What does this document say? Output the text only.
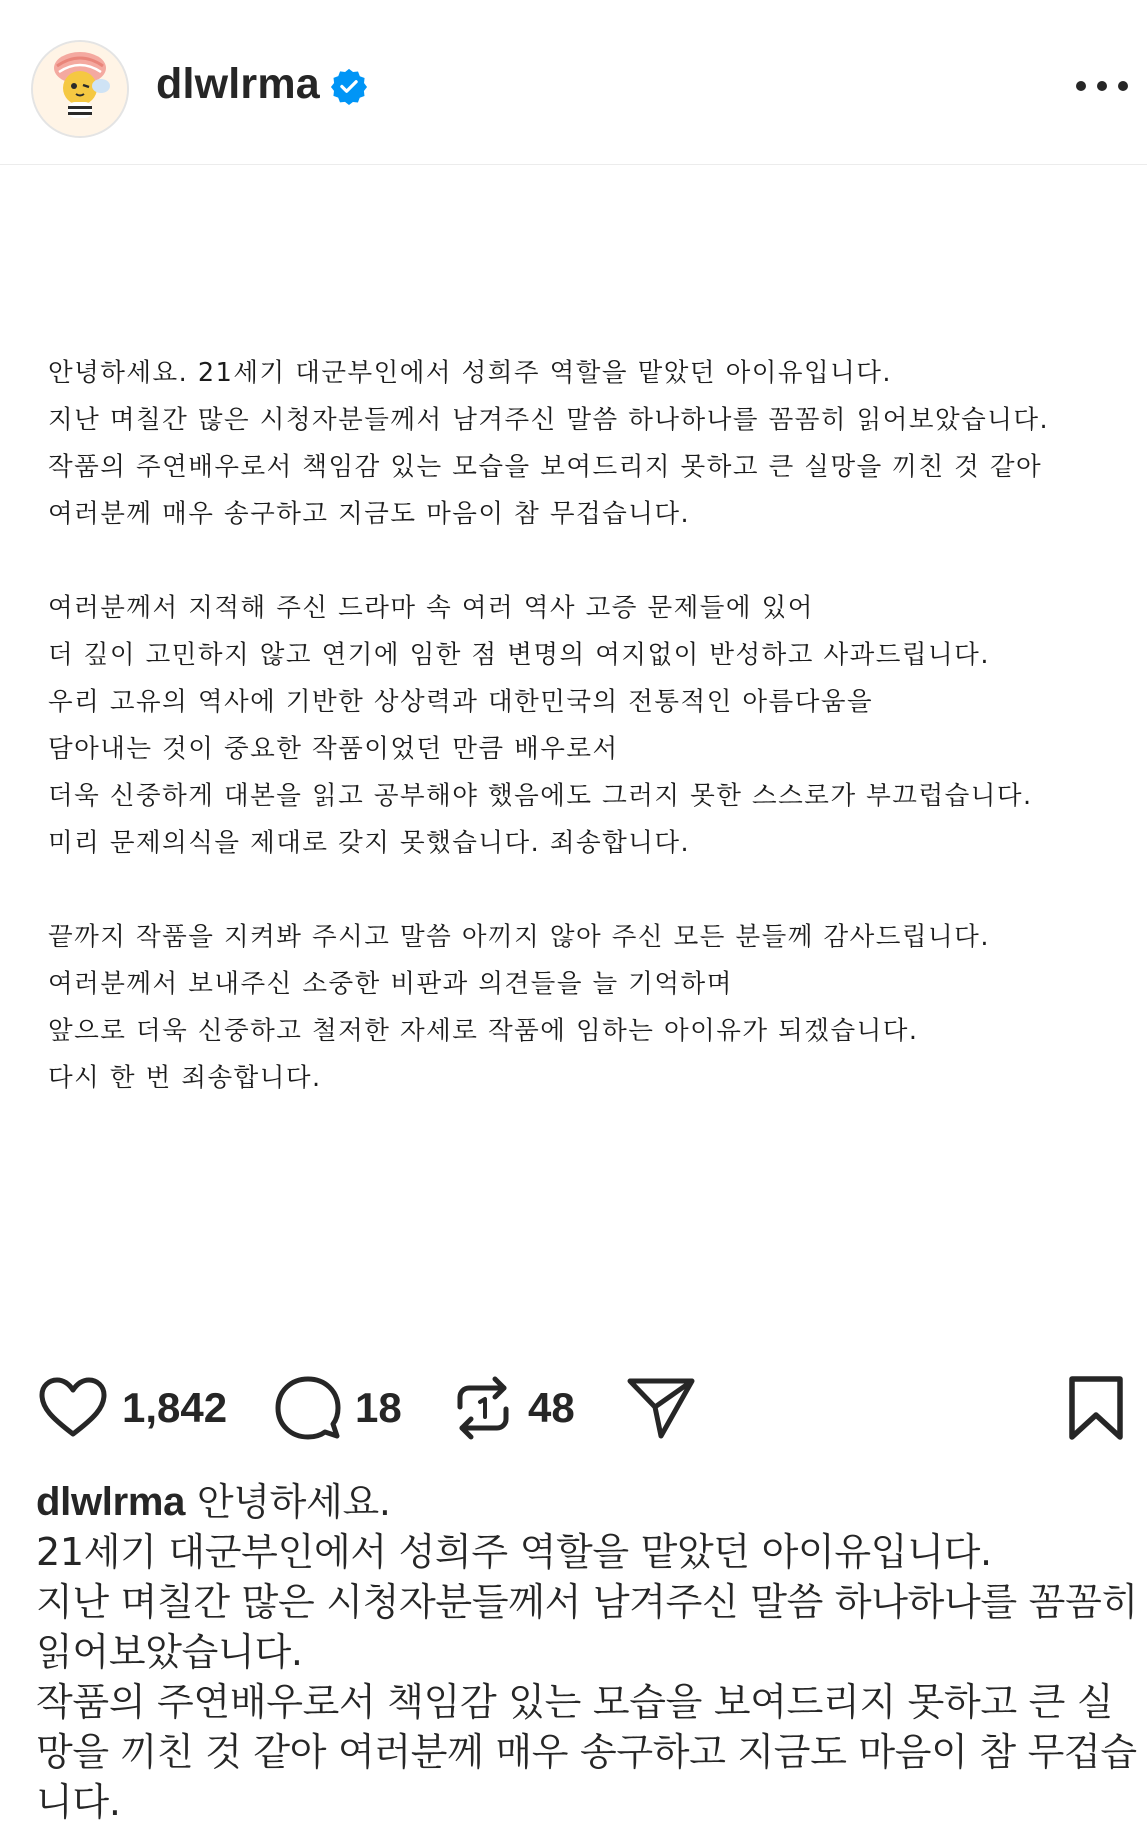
dlwlrma
안녕하세요. 21세기 대군부인에서 성희주 역할을 맡았던 아이유입니다.
지난 며칠간 많은 시청자분들께서 남겨주신 말씀 하나하나를 꼼꼼히 읽어보았습니다.
작품의 주연배우로서 책임감 있는 모습을 보여드리지 못하고 큰 실망을 끼친 것 같아
여러분께 매우 송구하고 지금도 마음이 참 무겁습니다.
여러분께서 지적해 주신 드라마 속 여러 역사 고증 문제들에 있어
더 깊이 고민하지 않고 연기에 임한 점 변명의 여지없이 반성하고 사과드립니다.
우리 고유의 역사에 기반한 상상력과 대한민국의 전통적인 아름다움을
담아내는 것이 중요한 작품이었던 만큼 배우로서
더욱 신중하게 대본을 읽고 공부해야 했음에도 그러지 못한 스스로가 부끄럽습니다.
미리 문제의식을 제대로 갖지 못했습니다. 죄송합니다.
끝까지 작품을 지켜봐 주시고 말씀 아끼지 않아 주신 모든 분들께 감사드립니다.
여러분께서 보내주신 소중한 비판과 의견들을 늘 기억하며
앞으로 더욱 신중하고 철저한 자세로 작품에 임하는 아이유가 되겠습니다.
다시 한 번 죄송합니다.
1,842	18	48
dlwlrma 안녕하세요.
21세기 대군부인에서 성희주 역할을 맡았던 아이유입니다.
지난 며칠간 많은 시청자분들께서 남겨주신 말씀 하나하나를 꼼꼼히
읽어보았습니다.
작품의 주연배우로서 책임감 있는 모습을 보여드리지 못하고 큰 실
망을 끼친 것 같아 여러분께 매우 송구하고 지금도 마음이 참 무겁습
니다.
